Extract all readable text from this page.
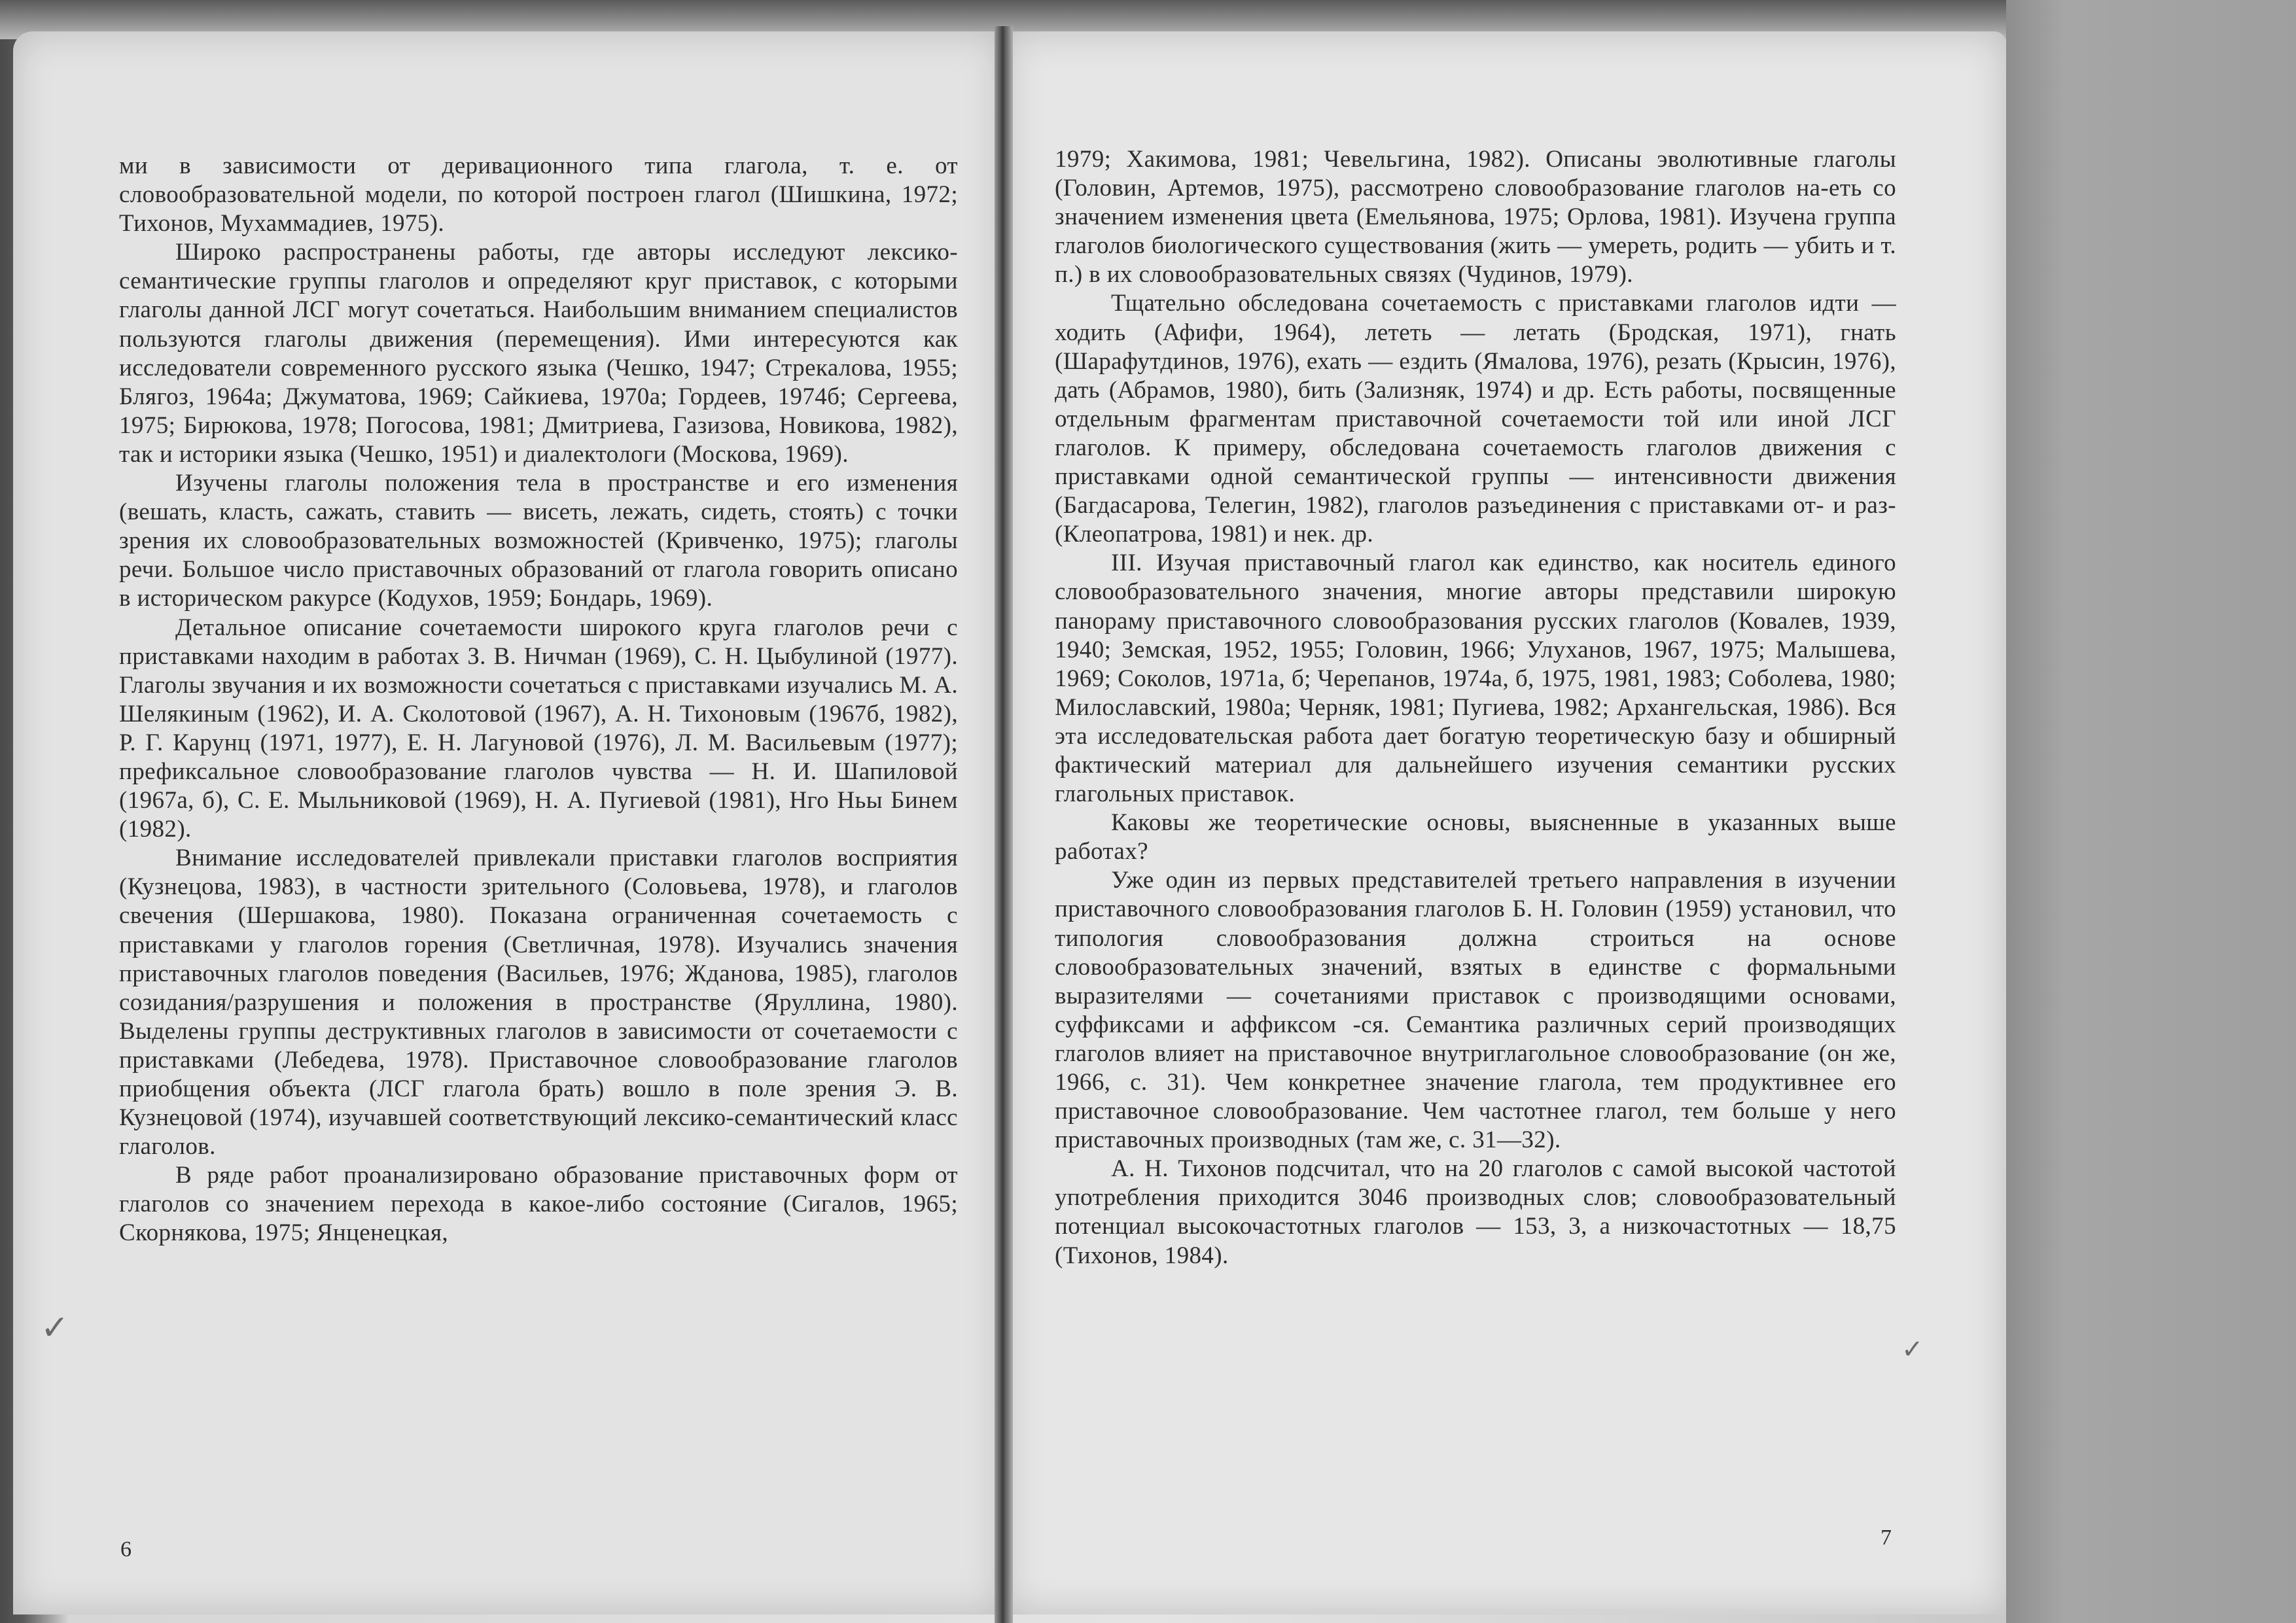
ми в зависимости от деривационного типа глагола, т. е. от словообразовательной модели, по которой построен глагол (Шишкина, 1972; Тихонов, Мухаммадиев, 1975).

Широко распространены работы, где авторы исследуют лексико-семантические группы глаголов и определяют круг приставок, с которыми глаголы данной ЛСГ могут сочетаться. Наибольшим вниманием специалистов пользуются глаголы движения (перемещения). Ими интересуются как исследователи современного русского языка (Чешко, 1947; Стрекалова, 1955; Блягоз, 1964а; Джуматова, 1969; Сайкиева, 1970а; Гордеев, 1974б; Сергеева, 1975; Бирюкова, 1978; Погосова, 1981; Дмитриева, Газизова, Новикова, 1982), так и историки языка (Чешко, 1951) и диалектологи (Москова, 1969).

Изучены глаголы положения тела в пространстве и его изменения (вешать, класть, сажать, ставить — висеть, лежать, сидеть, стоять) с точки зрения их словообразовательных возможностей (Кривченко, 1975); глаголы речи. Большое число приставочных образований от глагола говорить описано в историческом ракурсе (Кодухов, 1959; Бондарь, 1969).

Детальное описание сочетаемости широкого круга глаголов речи с приставками находим в работах З. В. Ничман (1969), С. Н. Цыбулиной (1977). Глаголы звучания и их возможности сочетаться с приставками изучались М. А. Шелякиным (1962), И. А. Сколотовой (1967), А. Н. Тихоновым (1967б, 1982), Р. Г. Карунц (1971, 1977), Е. Н. Лагуновой (1976), Л. М. Васильевым (1977); префиксальное словообразование глаголов чувства — Н. И. Шапиловой (1967а, б), С. Е. Мыльниковой (1969), Н. А. Пугиевой (1981), Нго Ньы Бинем (1982).

Внимание исследователей привлекали приставки глаголов восприятия (Кузнецова, 1983), в частности зрительного (Соловьева, 1978), и глаголов свечения (Шершакова, 1980). Показана ограниченная сочетаемость с приставками у глаголов горения (Светличная, 1978). Изучались значения приставочных глаголов поведения (Васильев, 1976; Жданова, 1985), глаголов созидания/разрушения и положения в пространстве (Яруллина, 1980). Выделены группы деструктивных глаголов в зависимости от сочетаемости с приставками (Лебедева, 1978). Приставочное словообразование глаголов приобщения объекта (ЛСГ глагола брать) вошло в поле зрения Э. В. Кузнецовой (1974), изучавшей соответствующий лексико-семантический класс глаголов.

В ряде работ проанализировано образование приставочных форм от глаголов со значением перехода в какое-либо состояние (Сигалов, 1965; Скорнякова, 1975; Янценецкая,

1979; Хакимова, 1981; Чевельгина, 1982). Описаны эволютивные глаголы (Головин, Артемов, 1975), рассмотрено словообразование глаголов на-еть со значением изменения цвета (Емельянова, 1975; Орлова, 1981). Изучена группа глаголов биологического существования (жить — умереть, родить — убить и т. п.) в их словообразовательных связях (Чудинов, 1979).

Тщательно обследована сочетаемость с приставками глаголов идти — ходить (Афифи, 1964), лететь — летать (Бродская, 1971), гнать (Шарафутдинов, 1976), ехать — ездить (Ямалова, 1976), резать (Крысин, 1976), дать (Абрамов, 1980), бить (Зализняк, 1974) и др. Есть работы, посвященные отдельным фрагментам приставочной сочетаемости той или иной ЛСГ глаголов. К примеру, обследована сочетаемость глаголов движения с приставками одной семантической группы — интенсивности движения (Багдасарова, Телегин, 1982), глаголов разъединения с приставками от- и раз- (Клеопатрова, 1981) и нек. др.

III. Изучая приставочный глагол как единство, как носитель единого словообразовательного значения, многие авторы представили широкую панораму приставочного словообразования русских глаголов (Ковалев, 1939, 1940; Земская, 1952, 1955; Головин, 1966; Улуханов, 1967, 1975; Малышева, 1969; Соколов, 1971а, б; Черепанов, 1974а, б, 1975, 1981, 1983; Соболева, 1980; Милославский, 1980а; Черняк, 1981; Пугиева, 1982; Архангельская, 1986). Вся эта исследовательская работа дает богатую теоретическую базу и обширный фактический материал для дальнейшего изучения семантики русских глагольных приставок.

Каковы же теоретические основы, выясненные в указанных выше работах?

Уже один из первых представителей третьего направления в изучении приставочного словообразования глаголов Б. Н. Головин (1959) установил, что типология словообразования должна строиться на основе словообразовательных значений, взятых в единстве с формальными выразителями — сочетаниями приставок с производящими основами, суффиксами и аффиксом -ся. Семантика различных серий производящих глаголов влияет на приставочное внутриглагольное словообразование (он же, 1966, с. 31). Чем конкретнее значение глагола, тем продуктивнее его приставочное словообразование. Чем частотнее глагол, тем больше у него приставочных производных (там же, с. 31—32).

А. Н. Тихонов подсчитал, что на 20 глаголов с самой высокой частотой употребления приходится 3046 производных слов; словообразовательный потенциал высокочастотных глаголов — 153, 3, а низкочастотных — 18,75 (Тихонов, 1984).

6	7
✓
✓
